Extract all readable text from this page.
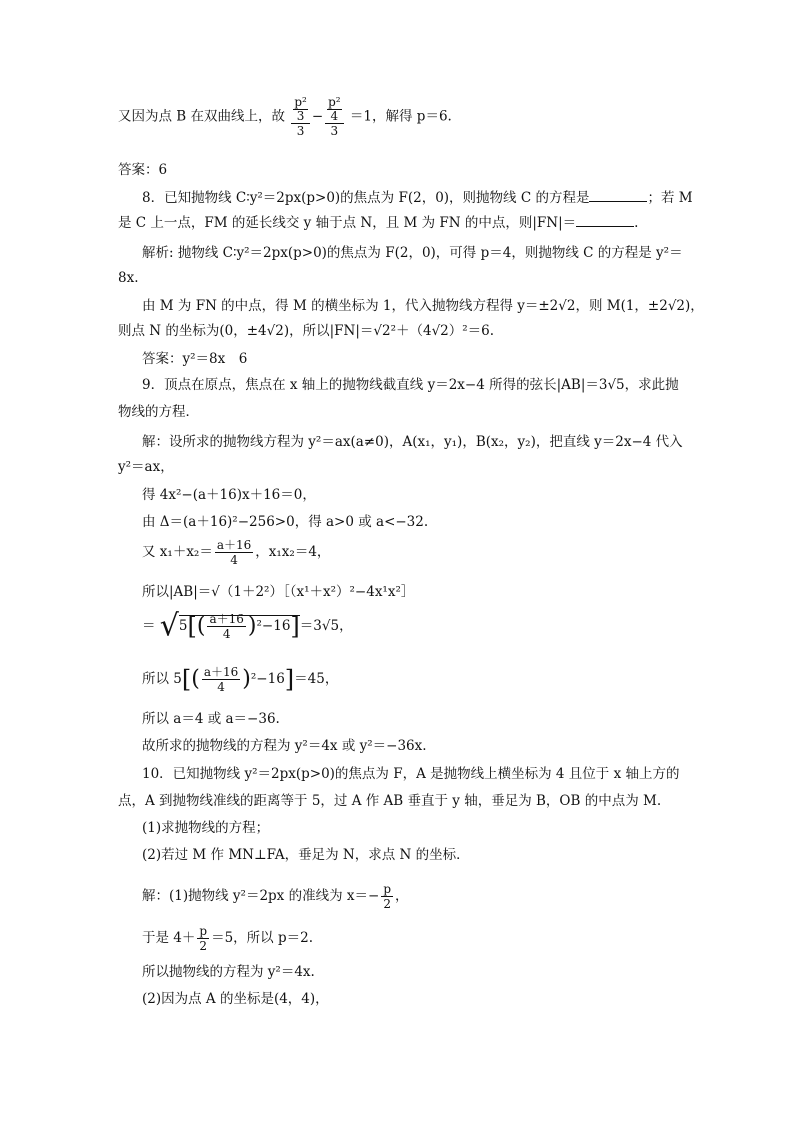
又因为点 B 在双曲线上，故 $\frac{\frac{\text{p²}}{3}}{3} - \frac{\frac{\text{p²}}{4}}{3} =1$，解得 p＝6.
答案：6
8．已知抛物线 C∶y²＝2px(p>0)的焦点为 F(2，0)，则抛物线 C 的方程是	；若 M
是 C 上一点，FM 的延长线交 y 轴于点 N，且 M 为 FN 的中点，则|FN|＝	.
解析: 抛物线 C∶y²＝2px(p>0)的焦点为 F(2，0)，可得 p＝4，则抛物线 C 的方程是 y²＝
8x.
由 M 为 FN 的中点，得 M 的横坐标为 1，代入抛物线方程得 y＝±2√2，则 M(1，±2√2)，
则点 N 的坐标为(0，±4√2)，所以|FN|＝√2²＋（4√2）²＝6.
答案：y²＝8x　6
9．顶点在原点，焦点在 x 轴上的抛物线截直线 y＝2x−4 所得的弦长|AB|＝3√5，求此抛
物线的方程．
解：设所求的抛物线方程为 y²＝ax(a≠0)，A(x₁，y₁)，B(x₂，y₂)，把直线 y＝2x−4 代入
y²＝ax，
得 4x²−(a＋16)x＋16＝0，
由 Δ＝(a＋16)²−256>0，得 a>0 或 a<−32.
又 $x_1+x_2= \frac{a+16}{4}$ ，x₁x₂＝4，
所以|AB|＝√（1＋2²）［（x¹＋x²）²−4x¹x²］
＝ $√5[( \frac{a+16}{4} )^2-16]=3√5$，
所以 $5[( \frac{a+16}{4} )^2-16]=45$，
所以 a＝4 或 a＝−36.
故所求的抛物线的方程为 y²＝4x 或 y²＝−36x.
10．已知抛物线 y²＝2px(p>0)的焦点为 F，A 是抛物线上横坐标为 4 且位于 x 轴上方的
点，A 到抛物线准线的距离等于 5，过 A 作 AB 垂直于 y 轴，垂足为 B，OB 的中点为 M.
(1)求抛物线的方程；
(2)若过 M 作 MN⊥FA，垂足为 N，求点 N 的坐标．
解：(1)抛物线 y²＝2px 的准线为 $x=- \frac{p}{2}$ ，
于是 $4+ \frac{p}{2} =5$，所以 p＝2.
所以抛物线的方程为 y²＝4x.
(2)因为点 A 的坐标是(4，4)，
